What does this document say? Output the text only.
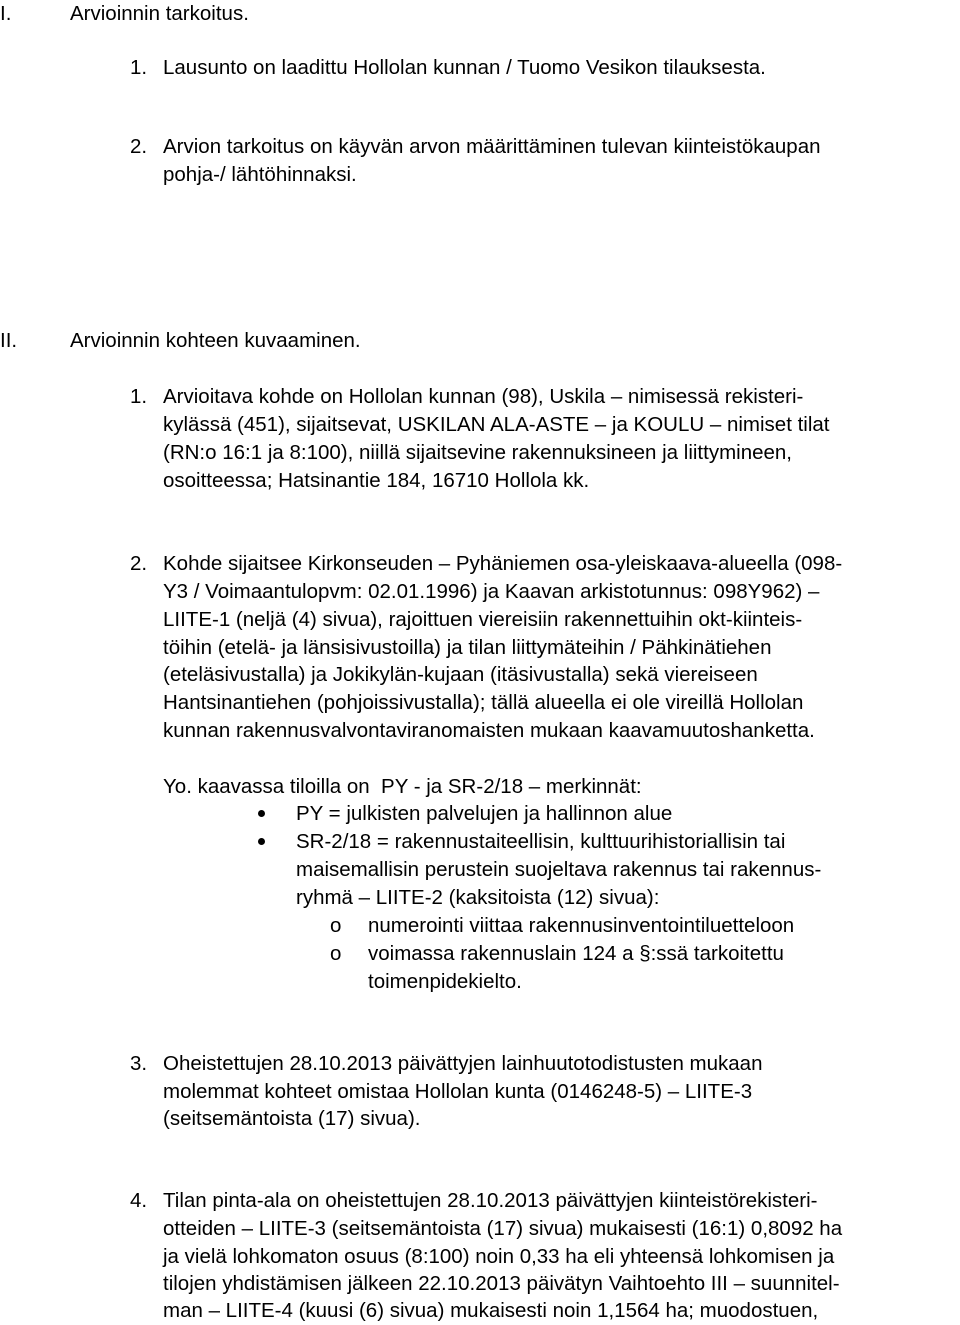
I.	Arvioinnin tarkoitus.
1. Lausunto on laadittu Hollolan kunnan / Tuomo Vesikon tilauksesta.
2. Arvion tarkoitus on käyvän arvon määrittäminen tulevan kiinteistökaupan
pohja-/ lähtöhinnaksi.
II.	Arvioinnin kohteen kuvaaminen.
1. Arvioitava kohde on Hollolan kunnan (98), Uskila – nimisessä rekisteri-
kylässä (451), sijaitsevat, USKILAN ALA-ASTE – ja KOULU – nimiset tilat
(RN:o 16:1 ja 8:100), niillä sijaitsevine rakennuksineen ja liittymineen,
osoitteessa; Hatsinantie 184, 16710 Hollola kk.
2. Kohde sijaitsee Kirkonseuden – Pyhäniemen osa-yleiskaava-alueella (098-
Y3 / Voimaantulopvm: 02.01.1996) ja Kaavan arkistotunnus: 098Y962) –
LIITE-1 (neljä (4) sivua), rajoittuen viereisiin rakennettuihin okt-kiinteis-
töihin (etelä- ja länsisivustoilla) ja tilan liittymäteihin / Pähkinätiehen
(eteläsivustalla) ja Jokikylän-kujaan (itäsivustalla) sekä viereiseen
Hantsinantiehen (pohjoissivustalla); tällä alueella ei ole vireillä Hollolan
kunnan rakennusvalvontaviranomaisten mukaan kaavamuutoshanketta.
Yo. kaavassa tiloilla on  PY - ja SR-2/18 – merkinnät:
PY = julkisten palvelujen ja hallinnon alue
SR-2/18 = rakennustaiteellisin, kulttuurihistoriallisin tai
maisemallisin perustein suojeltava rakennus tai rakennus-
ryhmä – LIITE-2 (kaksitoista (12) sivua):
o numerointi viittaa rakennusinventointiluetteloon
o voimassa rakennuslain 124 a §:ssä tarkoitettu
toimenpidekielto.
3. Oheistettujen 28.10.2013 päivättyjen lainhuutotodistusten mukaan
molemmat kohteet omistaa Hollolan kunta (0146248-5) – LIITE-3
(seitsemäntoista (17) sivua).
4. Tilan pinta-ala on oheistettujen 28.10.2013 päivättyjen kiinteistörekisteri-
otteiden – LIITE-3 (seitsemäntoista (17) sivua) mukaisesti (16:1) 0,8092 ha
ja vielä lohkomaton osuus (8:100) noin 0,33 ha eli yhteensä lohkomisen ja
tilojen yhdistämisen jälkeen 22.10.2013 päivätyn Vaihtoehto III – suunnitel-
man – LIITE-4 (kuusi (6) sivua) mukaisesti noin 1,1564 ha; muodostuen,
